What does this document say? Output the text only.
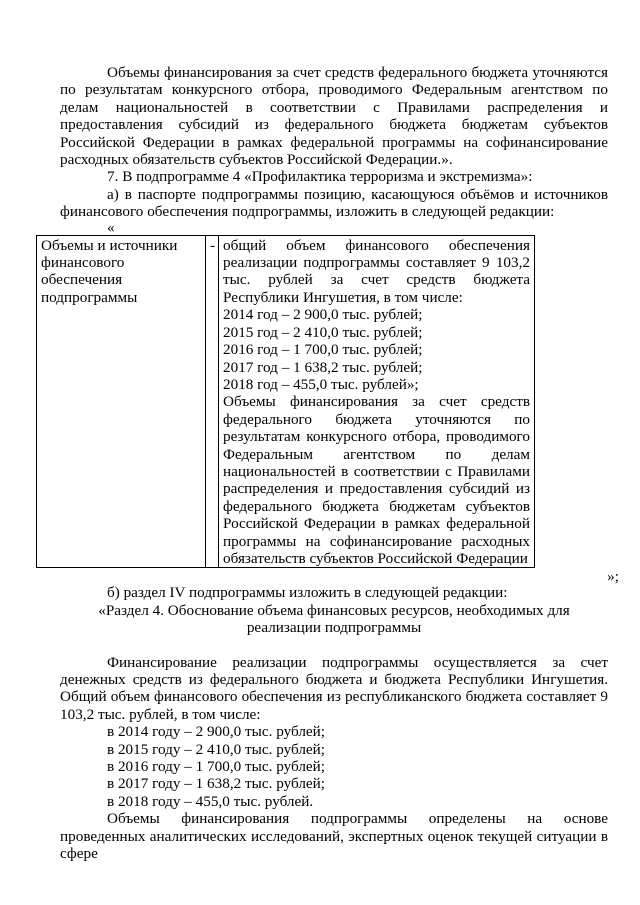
Объемы финансирования за счет средств федерального бюджета уточняются по результатам конкурсного отбора, проводимого Федеральным агентством по делам национальностей в соответствии с Правилами распределения и предоставления субсидий из федерального бюджета бюджетам субъектов Российской Федерации в рамках федеральной программы на софинансирование расходных обязательств субъектов Российской Федерации.».

7. В подпрограмме 4 «Профилактика терроризма и экстремизма»:

а) в паспорте подпрограммы позицию, касающуюся объёмов и источников финансового обеспечения подпрограммы, изложить в следующей редакции:

«

Объемы и источники финансового обеспечения подпрограммы	-	общий объем финансового обеспечения реализации подпрограммы составляет 9 103,2 тыс. рублей за счет средств бюджета Республики Ингушетия, в том числе:
2014 год – 2 900,0 тыс. рублей;
2015 год – 2 410,0 тыс. рублей;
2016 год – 1 700,0 тыс. рублей;
2017 год – 1 638,2 тыс. рублей;
2018 год – 455,0 тыс. рублей»;
Объемы финансирования за счет средств федерального бюджета уточняются по результатам конкурсного отбора, проводимого Федеральным агентством по делам национальностей в соответствии с Правилами распределения и предоставления субсидий из федерального бюджета бюджетам субъектов Российской Федерации в рамках федеральной программы на софинансирование расходных обязательств субъектов Российской Федерации
»;

б) раздел IV подпрограммы изложить в следующей редакции:

«Раздел 4. Обоснование объема финансовых ресурсов, необходимых для

реализации подпрограммы

Финансирование реализации подпрограммы осуществляется за счет денежных средств из федерального бюджета и бюджета Республики Ингушетия. Общий объем финансового обеспечения из республиканского бюджета составляет 9 103,2 тыс. рублей, в том числе:

в 2014 году – 2 900,0 тыс. рублей;

в 2015 году – 2 410,0 тыс. рублей;

в 2016 году – 1 700,0 тыс. рублей;

в 2017 году – 1 638,2 тыс. рублей;

в 2018 году – 455,0 тыс. рублей.

Объемы финансирования подпрограммы определены на основе проведенных аналитических исследований, экспертных оценок текущей ситуации в сфере
